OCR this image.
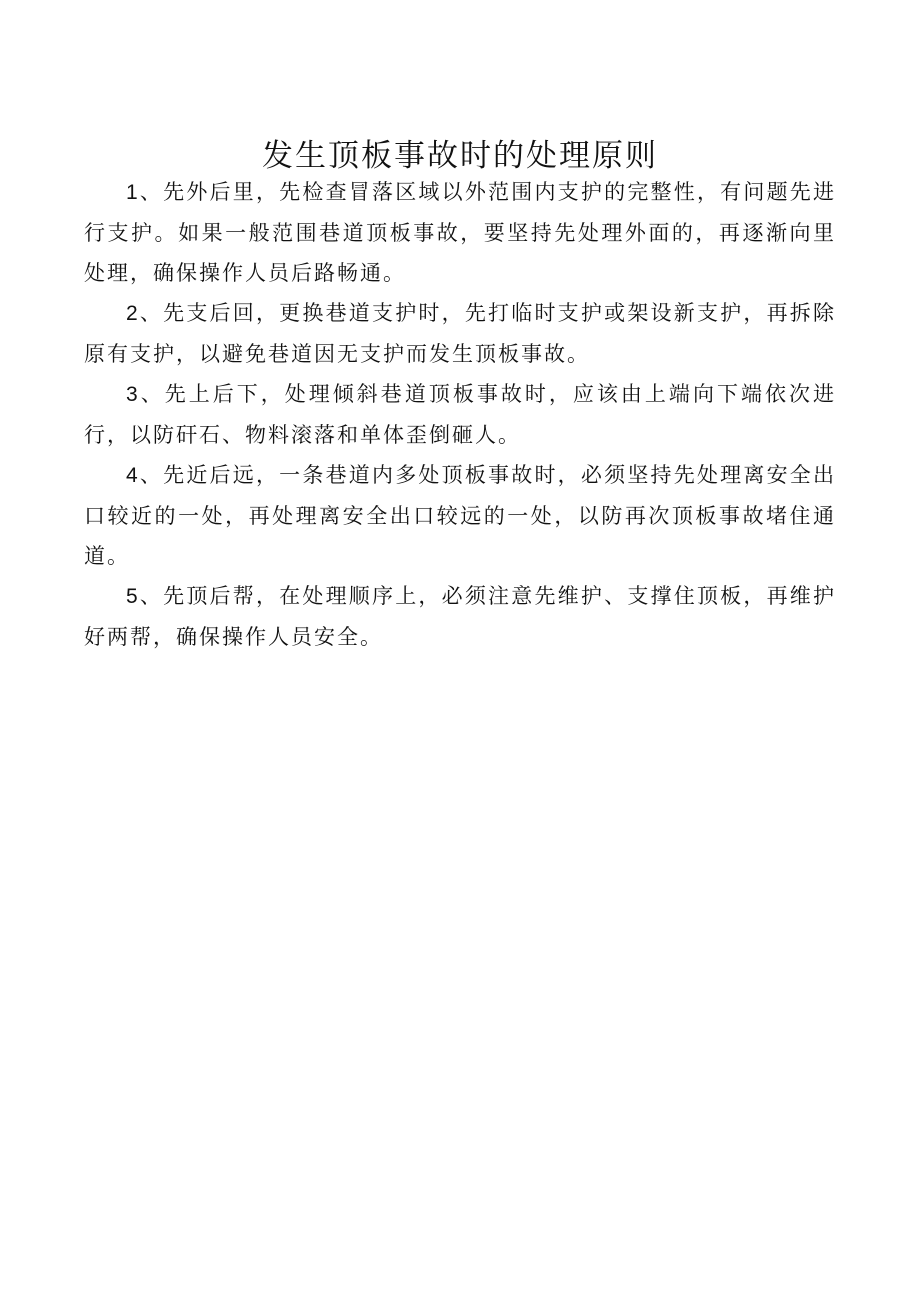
发生顶板事故时的处理原则

1、先外后里，先检查冒落区域以外范围内支护的完整性，有问题先进行支护。如果一般范围巷道顶板事故，要坚持先处理外面的，再逐渐向里处理，确保操作人员后路畅通。

2、先支后回，更换巷道支护时，先打临时支护或架设新支护，再拆除原有支护，以避免巷道因无支护而发生顶板事故。

3、先上后下，处理倾斜巷道顶板事故时，应该由上端向下端依次进行，以防矸石、物料滚落和单体歪倒砸人。

4、先近后远，一条巷道内多处顶板事故时，必须坚持先处理离安全出口较近的一处，再处理离安全出口较远的一处，以防再次顶板事故堵住通道。

5、先顶后帮，在处理顺序上，必须注意先维护、支撑住顶板，再维护好两帮，确保操作人员安全。
